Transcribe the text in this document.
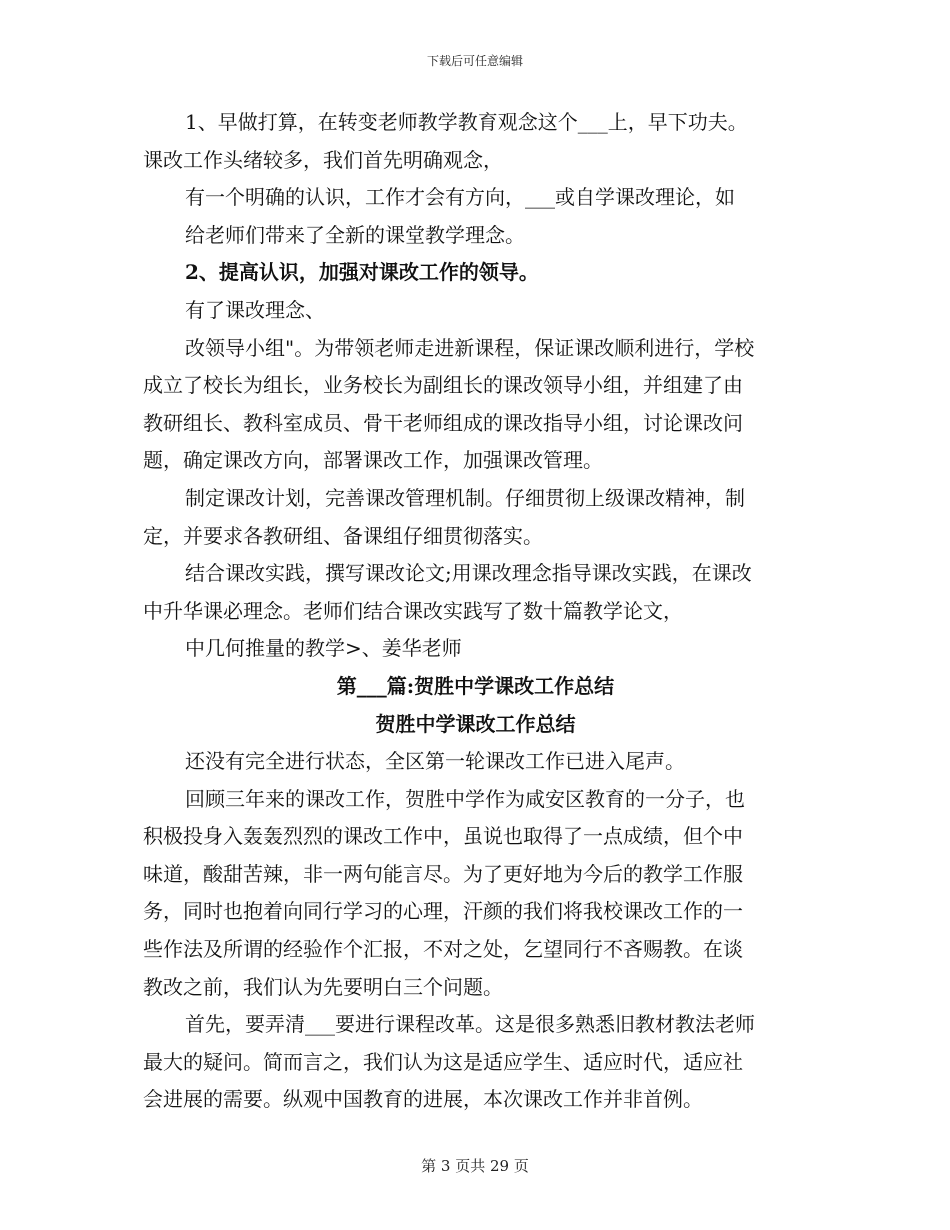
下载后可任意编辑
1、早做打算，在转变老师教学教育观念这个___上，早下功夫。
课改工作头绪较多，我们首先明确观念，
有一个明确的认识，工作才会有方向，___或自学课改理论，如
给老师们带来了全新的课堂教学理念。
2、提高认识，加强对课改工作的领导。
有了课改理念、
改领导小组"。为带领老师走进新课程，保证课改顺利进行，学校
成立了校长为组长，业务校长为副组长的课改领导小组，并组建了由
教研组长、教科室成员、骨干老师组成的课改指导小组，讨论课改问
题，确定课改方向，部署课改工作，加强课改管理。
制定课改计划，完善课改管理机制。仔细贯彻上级课改精神，制
定，并要求各教研组、备课组仔细贯彻落实。
结合课改实践，撰写课改论文;用课改理念指导课改实践，在课改
中升华课必理念。老师们结合课改实践写了数十篇教学论文，
中几何推量的教学>、姜华老师
第___篇:贺胜中学课改工作总结
贺胜中学课改工作总结
还没有完全进行状态，全区第一轮课改工作已进入尾声。
回顾三年来的课改工作，贺胜中学作为咸安区教育的一分子，也
积极投身入轰轰烈烈的课改工作中，虽说也取得了一点成绩，但个中
味道，酸甜苦辣，非一两句能言尽。为了更好地为今后的教学工作服
务，同时也抱着向同行学习的心理，汗颜的我们将我校课改工作的一
些作法及所谓的经验作个汇报，不对之处，乞望同行不吝赐教。在谈
教改之前，我们认为先要明白三个问题。
首先，要弄清___要进行课程改革。这是很多熟悉旧教材教法老师
最大的疑问。简而言之，我们认为这是适应学生、适应时代，适应社
会进展的需要。纵观中国教育的进展，本次课改工作并非首例。
第 3 页共 29 页
